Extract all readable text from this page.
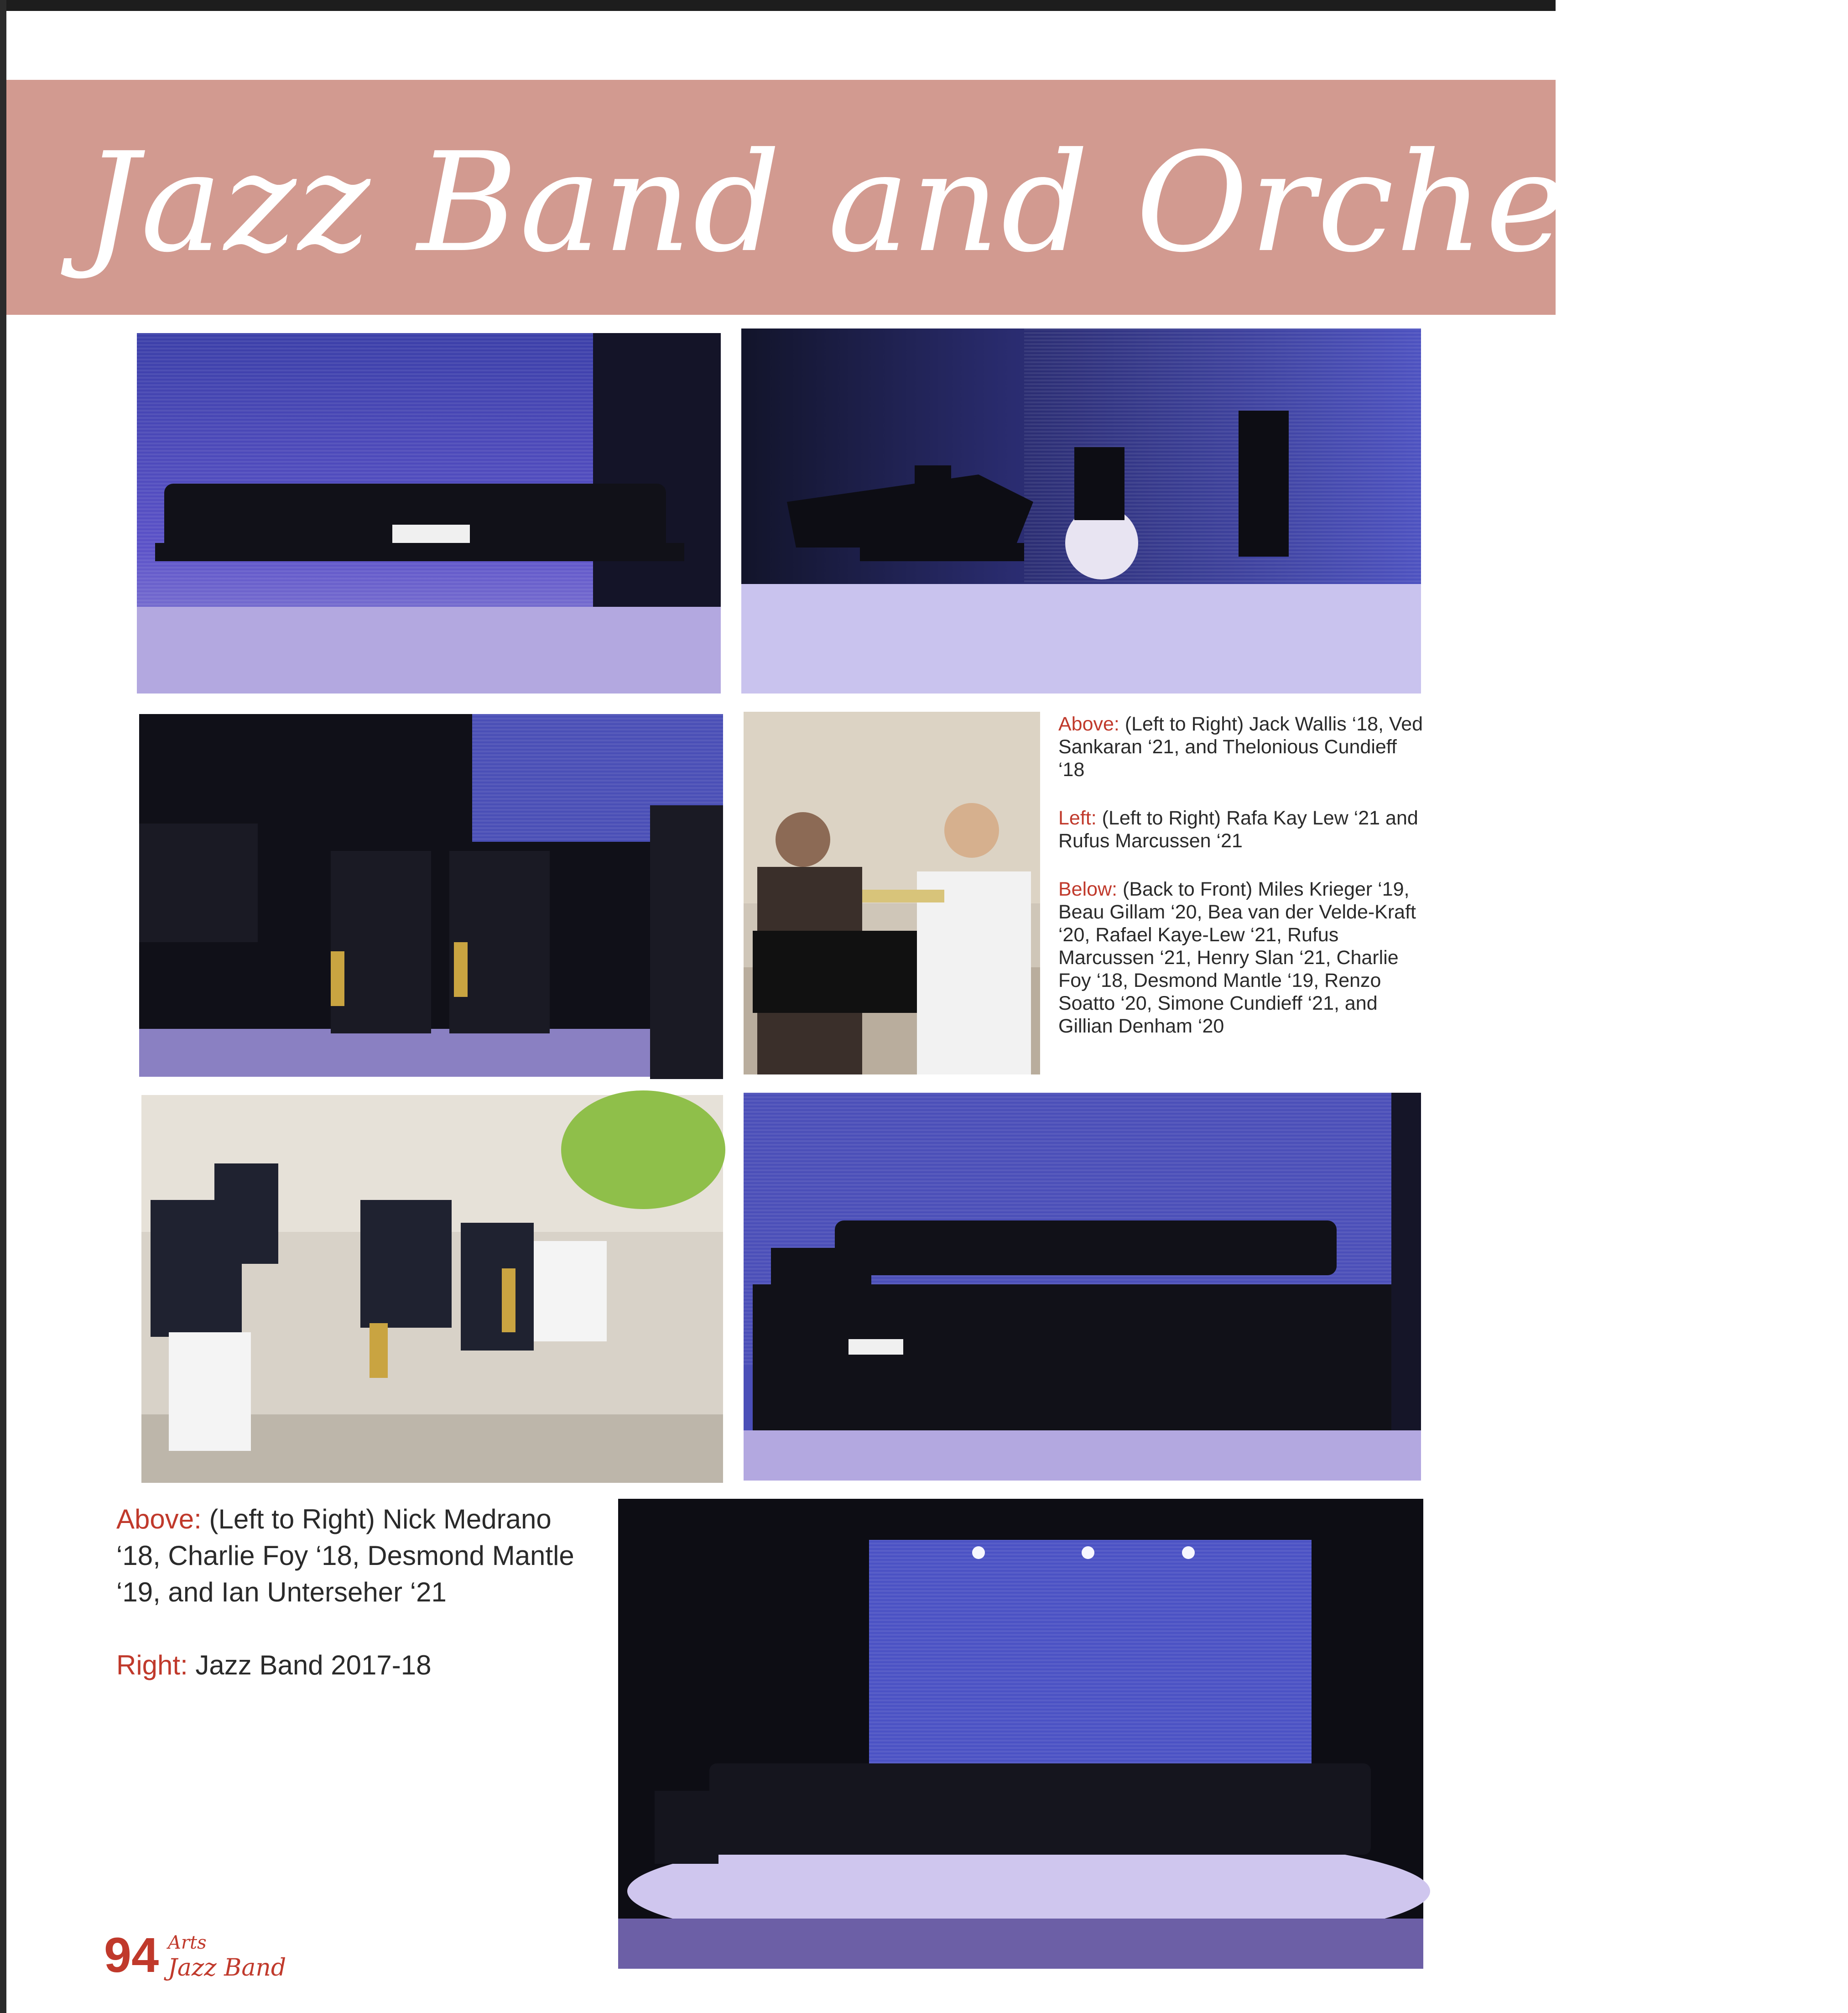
Jazz Band and Orchestra

Above: (Left to Right) Jack Wallis ‘18, Ved Sankaran ‘21, and Thelonious Cundieff ‘18

Left: (Left to Right) Rafa Kay Lew ‘21 and Rufus Marcussen ‘21

Below: (Back to Front) Miles Krieger ‘19, Beau Gillam ‘20, Bea van der Velde-Kraft ‘20, Rafael Kaye-Lew ‘21, Rufus Marcussen ‘21, Henry Slan ‘21, Charlie Foy ‘18, Desmond Mantle ‘19, Renzo Soatto ‘20, Simone Cundieff ‘21, and Gillian Denham ‘20

Above: (Left to Right) Nick Medrano ‘18, Charlie Foy ‘18, Desmond Mantle ‘19, and Ian Unterseher ‘21

Right: Jazz Band 2017-18

94 Arts
Jazz Band
